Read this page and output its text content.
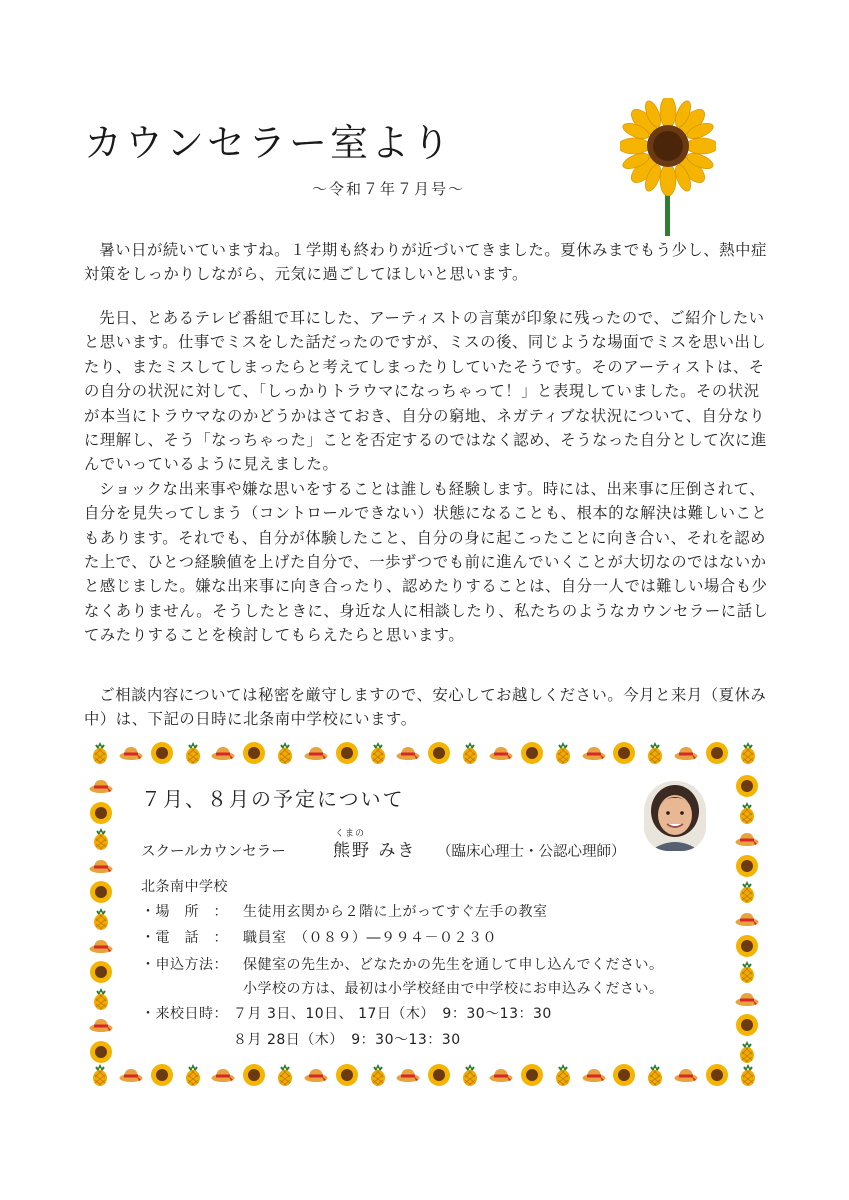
カウンセラー室より
～令和７年７月号～

暑い日が続いていますね。１学期も終わりが近づいてきました。夏休みまでもう少し、熱中症対策をしっかりしながら、元気に過ごしてほしいと思います。

先日、とあるテレビ番組で耳にした、アーティストの言葉が印象に残ったので、ご紹介したいと思います。仕事でミスをした話だったのですが、ミスの後、同じような場面でミスを思い出したり、またミスしてしまったらと考えてしまったりしていたそうです。そのアーティストは、その自分の状況に対して、「しっかりトラウマになっちゃって！」と表現していました。その状況が本当にトラウマなのかどうかはさておき、自分の窮地、ネガティブな状況について、自分なりに理解し、そう「なっちゃった」ことを否定するのではなく認め、そうなった自分として次に進んでいっているように見えました。

ショックな出来事や嫌な思いをすることは誰しも経験します。時には、出来事に圧倒されて、自分を見失ってしまう（コントロールできない）状態になることも、根本的な解決は難しいこともあります。それでも、自分が体験したこと、自分の身に起こったことに向き合い、それを認めた上で、ひとつ経験値を上げた自分で、一歩ずつでも前に進んでいくことが大切なのではないかと感じました。嫌な出来事に向き合ったり、認めたりすることは、自分一人では難しい場合も少なくありません。そうしたときに、身近な人に相談したり、私たちのようなカウンセラーに話してみたりすることを検討してもらえたらと思います。

ご相談内容については秘密を厳守しますので、安心してお越しください。今月と来月（夏休み中）は、下記の日時に北条南中学校にいます。

７月、８月の予定について
スクールカウンセラー
くまの
熊野 みき （臨床心理士・公認心理師）
北条南中学校
・場　所　： 生徒用玄関から２階に上がってすぐ左手の教室
・電　話　： 職員室　（０８９）―９９４－０２３０
・申込方法： 保健室の先生か、どなたかの先生を通して申し込んでください。
小学校の方は、最初は小学校経由で中学校にお申込みください。
・来校日時： ７月 3日、10日、 17日（木）　9：30～13：30
８月 28日（木）　9：30～13：30
